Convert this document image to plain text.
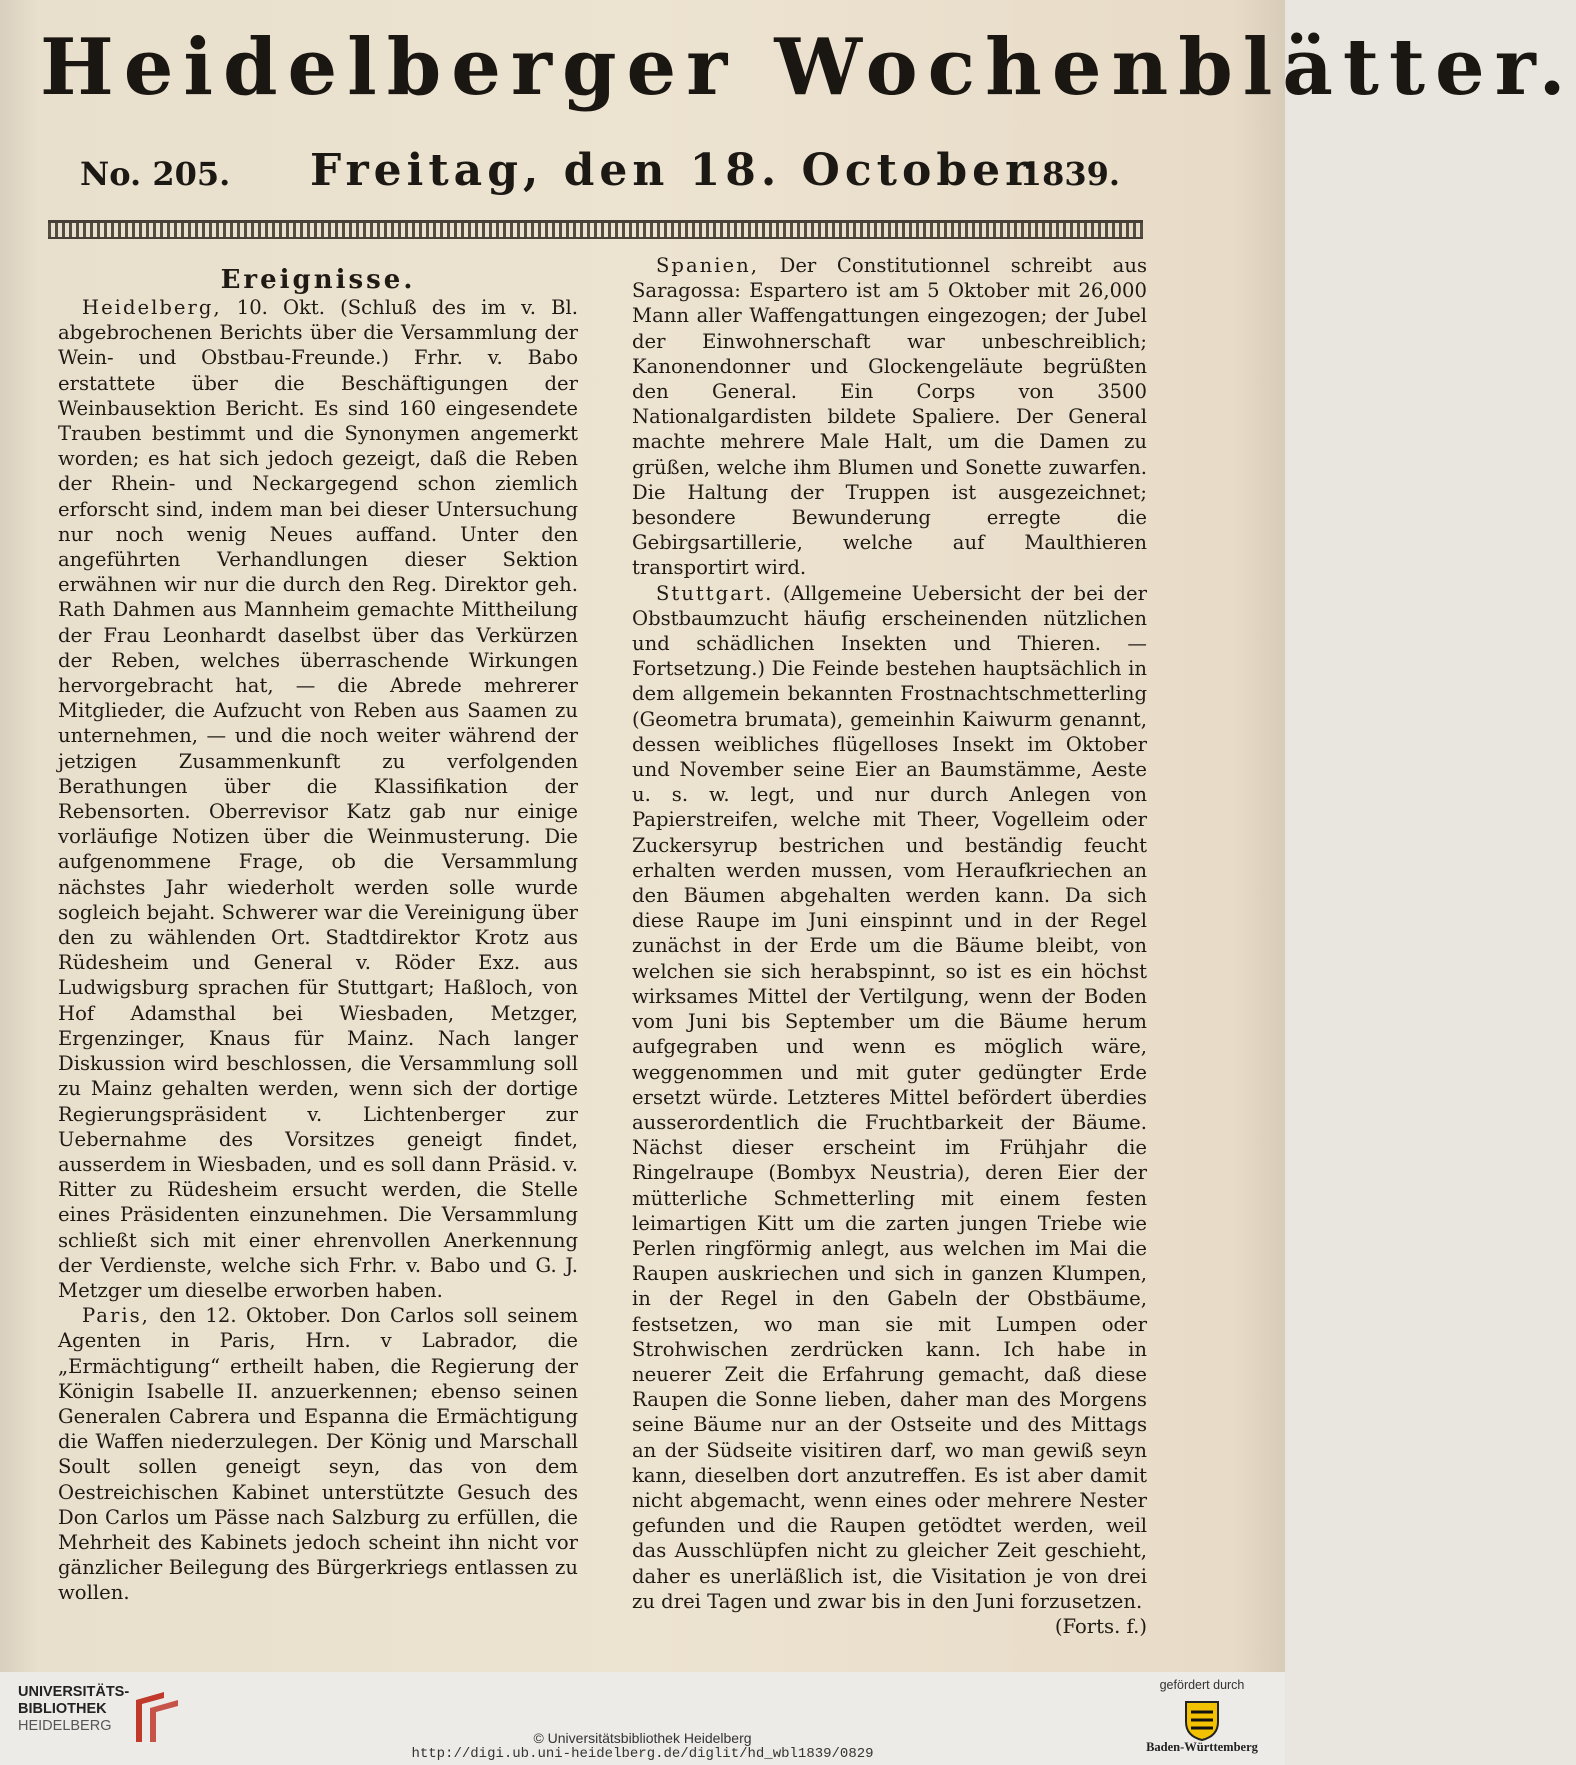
Heidelberger Wochenblätter.
No. 205. Freitag, den 18. October
1839.
Ereignisse.

Heidelberg, 10. Okt. (Schluß des im v. Bl. abgebrochenen Berichts über die Versammlung der Wein- und Obstbau-Freunde.) Frhr. v. Babo erstattete über die Beschäftigungen der Weinbausektion Bericht. Es sind 160 eingesendete Trauben bestimmt und die Synonymen angemerkt worden; es hat sich jedoch gezeigt, daß die Reben der Rhein- und Neckargegend schon ziemlich erforscht sind, indem man bei dieser Untersuchung nur noch wenig Neues auffand. Unter den angeführten Verhandlungen dieser Sektion erwähnen wir nur die durch den Reg. Direktor geh. Rath Dahmen aus Mannheim gemachte Mittheilung der Frau Leonhardt daselbst über das Verkürzen der Reben, welches überraschende Wirkungen hervorgebracht hat, — die Abrede mehrerer Mitglieder, die Aufzucht von Reben aus Saamen zu unternehmen, — und die noch weiter während der jetzigen Zusammenkunft zu verfolgenden Berathungen über die Klassifikation der Rebensorten. Oberrevisor Katz gab nur einige vorläufige Notizen über die Weinmusterung. Die aufgenommene Frage, ob die Versammlung nächstes Jahr wiederholt werden solle wurde sogleich bejaht. Schwerer war die Vereinigung über den zu wählenden Ort. Stadtdirektor Krotz aus Rüdesheim und General v. Röder Exz. aus Ludwigsburg sprachen für Stuttgart; Haßloch, von Hof Adamsthal bei Wiesbaden, Metzger, Ergenzinger, Knaus für Mainz. Nach langer Diskussion wird beschlossen, die Versammlung soll zu Mainz gehalten werden, wenn sich der dortige Regierungspräsident v. Lichtenberger zur Uebernahme des Vorsitzes geneigt findet, ausserdem in Wiesbaden, und es soll dann Präsid. v. Ritter zu Rüdesheim ersucht werden, die Stelle eines Präsidenten einzunehmen. Die Versammlung schließt sich mit einer ehrenvollen Anerkennung der Verdienste, welche sich Frhr. v. Babo und G. J. Metzger um dieselbe erworben haben.

Paris, den 12. Oktober. Don Carlos soll seinem Agenten in Paris, Hrn. v Labrador, die „Ermächtigung“ ertheilt haben, die Regierung der Königin Isabelle II. anzuerkennen; ebenso seinen Generalen Cabrera und Espanna die Ermächtigung die Waffen niederzulegen. Der König und Marschall Soult sollen geneigt seyn, das von dem Oestreichischen Kabinet unterstützte Gesuch des Don Carlos um Pässe nach Salzburg zu erfüllen, die Mehrheit des Kabinets jedoch scheint ihn nicht vor gänzlicher Beilegung des Bürgerkriegs entlassen zu wollen.

Spanien, Der Constitutionnel schreibt aus Saragossa: Espartero ist am 5 Oktober mit 26,000 Mann aller Waffengattungen eingezogen; der Jubel der Einwohnerschaft war unbeschreiblich; Kanonendonner und Glockengeläute begrüßten den General. Ein Corps von 3500 Nationalgardisten bildete Spaliere. Der General machte mehrere Male Halt, um die Damen zu grüßen, welche ihm Blumen und Sonette zuwarfen. Die Haltung der Truppen ist ausgezeichnet; besondere Bewunderung erregte die Gebirgsartillerie, welche auf Maulthieren transportirt wird.

Stuttgart. (Allgemeine Uebersicht der bei der Obstbaumzucht häufig erscheinenden nützlichen und schädlichen Insekten und Thieren. — Fortsetzung.) Die Feinde bestehen hauptsächlich in dem allgemein bekannten Frostnachtschmetterling (Geometra brumata), gemeinhin Kaiwurm genannt, dessen weibliches flügelloses Insekt im Oktober und November seine Eier an Baumstämme, Aeste u. s. w. legt, und nur durch Anlegen von Papierstreifen, welche mit Theer, Vogelleim oder Zuckersyrup bestrichen und beständig feucht erhalten werden mussen, vom Heraufkriechen an den Bäumen abgehalten werden kann. Da sich diese Raupe im Juni einspinnt und in der Regel zunächst in der Erde um die Bäume bleibt, von welchen sie sich herabspinnt, so ist es ein höchst wirksames Mittel der Vertilgung, wenn der Boden vom Juni bis September um die Bäume herum aufgegraben und wenn es möglich wäre, weggenommen und mit guter gedüngter Erde ersetzt würde. Letzteres Mittel befördert überdies ausserordentlich die Fruchtbarkeit der Bäume. Nächst dieser erscheint im Frühjahr die Ringelraupe (Bombyx Neustria), deren Eier der mütterliche Schmetterling mit einem festen leimartigen Kitt um die zarten jungen Triebe wie Perlen ringförmig anlegt, aus welchen im Mai die Raupen auskriechen und sich in ganzen Klumpen, in der Regel in den Gabeln der Obstbäume, festsetzen, wo man sie mit Lumpen oder Strohwischen zerdrücken kann. Ich habe in neuerer Zeit die Erfahrung gemacht, daß diese Raupen die Sonne lieben, daher man des Morgens seine Bäume nur an der Ostseite und des Mittags an der Südseite visitiren darf, wo man gewiß seyn kann, dieselben dort anzutreffen. Es ist aber damit nicht abgemacht, wenn eines oder mehrere Nester gefunden und die Raupen getödtet werden, weil das Ausschlüpfen nicht zu gleicher Zeit geschieht, daher es unerläßlich ist, die Visitation je von drei zu drei Tagen und zwar bis in den Juni forzusetzen.
(Forts. f.)

UNIVERSITÄTS-
BIBLIOTHEK
HEIDELBERG
© Universitätsbibliothek Heidelberg
http://digi.ub.uni-heidelberg.de/diglit/hd_wbl1839/0829
gefördert durch
Baden-Württemberg
